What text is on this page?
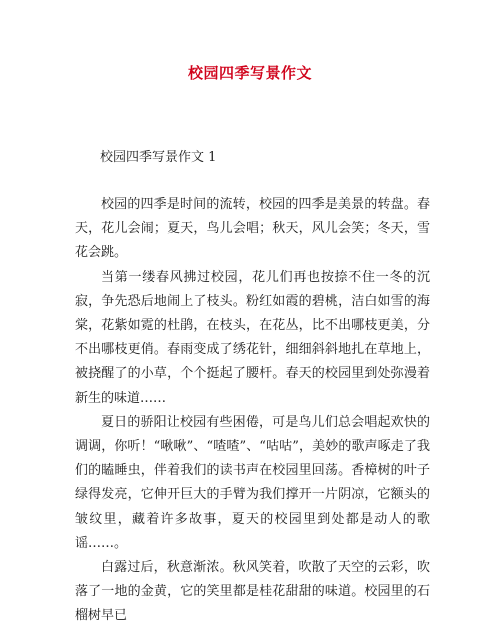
校园四季写景作文
校园四季写景作文 1

校园的四季是时间的流转，校园的四季是美景的转盘。春天，花儿会闹；夏天，鸟儿会唱；秋天，风儿会笑；冬天，雪花会跳。

当第一缕春风拂过校园，花儿们再也按捺不住一冬的沉寂，争先恐后地闹上了枝头。粉红如霞的碧桃，洁白如雪的海棠，花紫如霓的杜鹃，在枝头，在花丛，比不出哪枝更美，分不出哪枝更俏。春雨变成了绣花针，细细斜斜地扎在草地上，被挠醒了的小草，个个挺起了腰杆。春天的校园里到处弥漫着新生的味道……

夏日的骄阳让校园有些困倦，可是鸟儿们总会唱起欢快的调调，你听！“啾啾”、“喳喳”、“咕咕”，美妙的歌声啄走了我们的瞌睡虫，伴着我们的读书声在校园里回荡。香樟树的叶子绿得发亮，它伸开巨大的手臂为我们撑开一片阴凉，它额头的皱纹里，藏着许多故事，夏天的校园里到处都是动人的歌谣……。

白露过后，秋意渐浓。秋风笑着，吹散了天空的云彩，吹落了一地的金黄，它的笑里都是桂花甜甜的味道。校园里的石榴树早已
